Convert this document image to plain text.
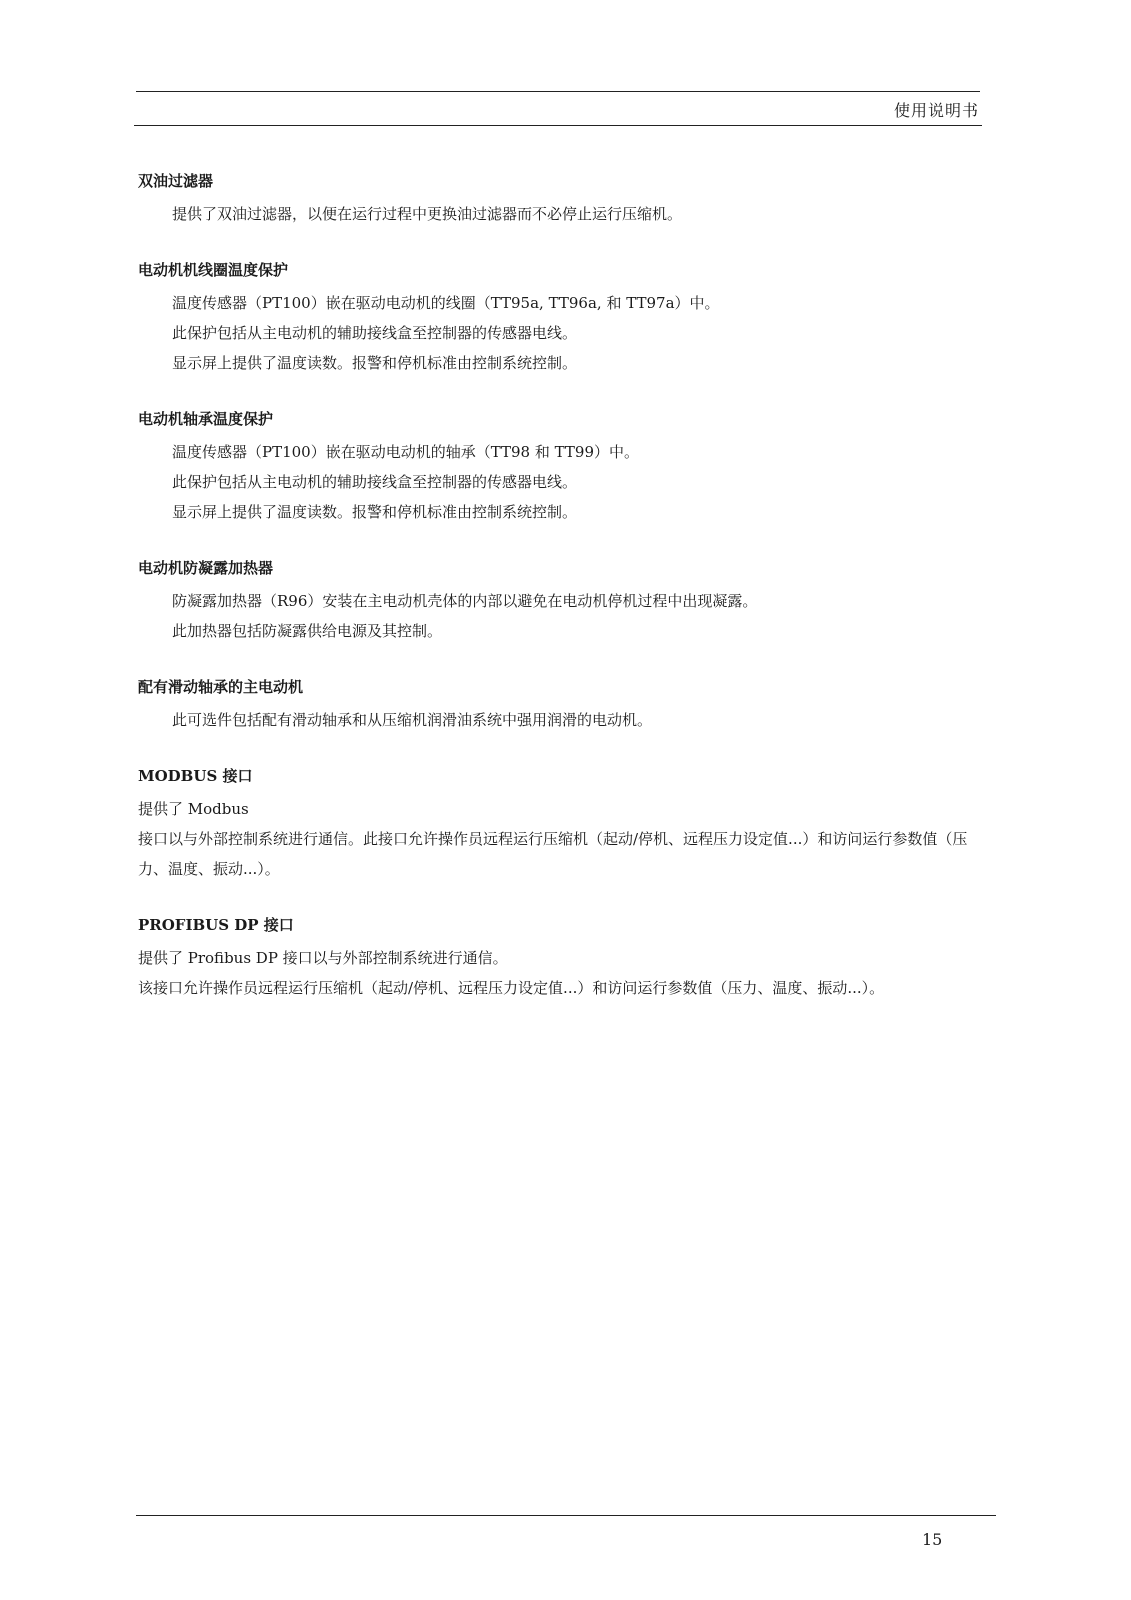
使用说明书
双油过滤器

提供了双油过滤器，以便在运行过程中更换油过滤器而不必停止运行压缩机。

电动机机线圈温度保护

温度传感器（PT100）嵌在驱动电动机的线圈（TT95a, TT96a, 和 TT97a）中。

此保护包括从主电动机的辅助接线盒至控制器的传感器电线。

显示屏上提供了温度读数。报警和停机标准由控制系统控制。

电动机轴承温度保护

温度传感器（PT100）嵌在驱动电动机的轴承（TT98 和 TT99）中。

此保护包括从主电动机的辅助接线盒至控制器的传感器电线。

显示屏上提供了温度读数。报警和停机标准由控制系统控制。

电动机防凝露加热器

防凝露加热器（R96）安装在主电动机壳体的内部以避免在电动机停机过程中出现凝露。

此加热器包括防凝露供给电源及其控制。

配有滑动轴承的主电动机

此可选件包括配有滑动轴承和从压缩机润滑油系统中强用润滑的电动机。

MODBUS 接口

提供了 Modbus

接口以与外部控制系统进行通信。此接口允许操作员远程运行压缩机（起动/停机、远程压力设定值...）和访问运行参数值（压力、温度、振动...）。

PROFIBUS DP 接口

提供了 Profibus DP 接口以与外部控制系统进行通信。

该接口允许操作员远程运行压缩机（起动/停机、远程压力设定值...）和访问运行参数值（压力、温度、振动...）。

15
